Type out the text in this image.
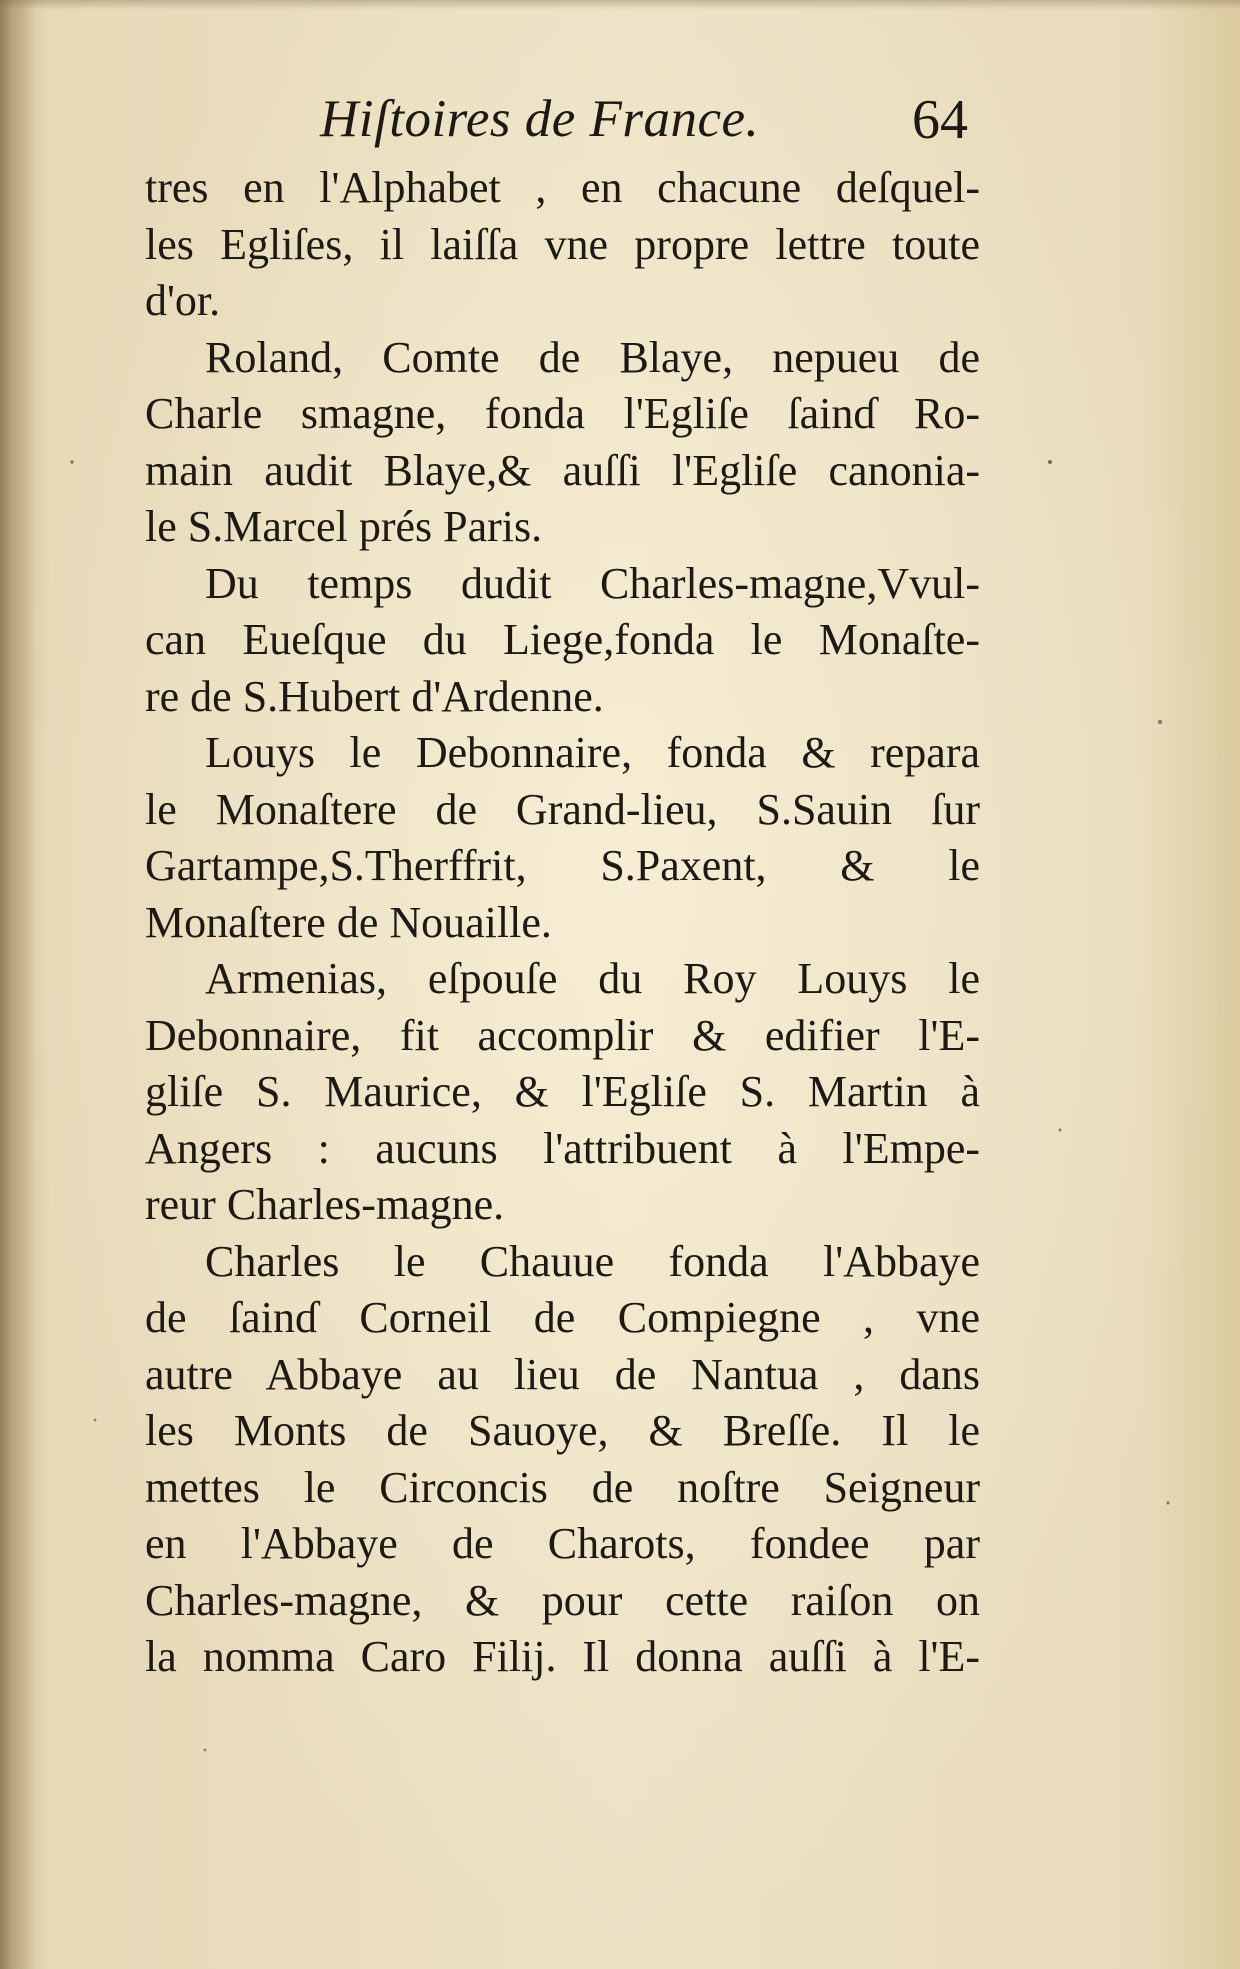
Hiſtoires de France.	64
tres en l'Alphabet , en chacune deſquel-
les Egliſes, il laiſſa vne propre lettre toute
d'or.
Roland, Comte de Blaye, nepueu de
Charle smagne, fonda l'Egliſe ſainɗ Ro-
main audit Blaye,& auſſi l'Egliſe canonia-
le S.Marcel prés Paris.
Du temps dudit Charles-magne,Vvul-
can Eueſque du Liege,fonda le Monaſte-
re de S.Hubert d'Ardenne.
Louys le Debonnaire, fonda & repara
le Monaſtere de Grand-lieu, S.Sauin ſur
Gartampe,S.Therffrit, S.Paxent, & le
Monaſtere de Nouaille.
Armenias, eſpouſe du Roy Louys le
Debonnaire, fit accomplir & edifier l'E-
gliſe S. Maurice, & l'Egliſe S. Martin à
Angers : aucuns l'attribuent à l'Empe-
reur Charles-magne.
Charles le Chauue fonda l'Abbaye
de ſainɗ Corneil de Compiegne , vne
autre Abbaye au lieu de Nantua , dans
les Monts de Sauoye, & Breſſe. Il le
mettes le Circoncis de noſtre Seigneur
en l'Abbaye de Charots, fondee par
Charles-magne, & pour cette raiſon on
la nomma Caro Filij. Il donna auſſi à l'E-
